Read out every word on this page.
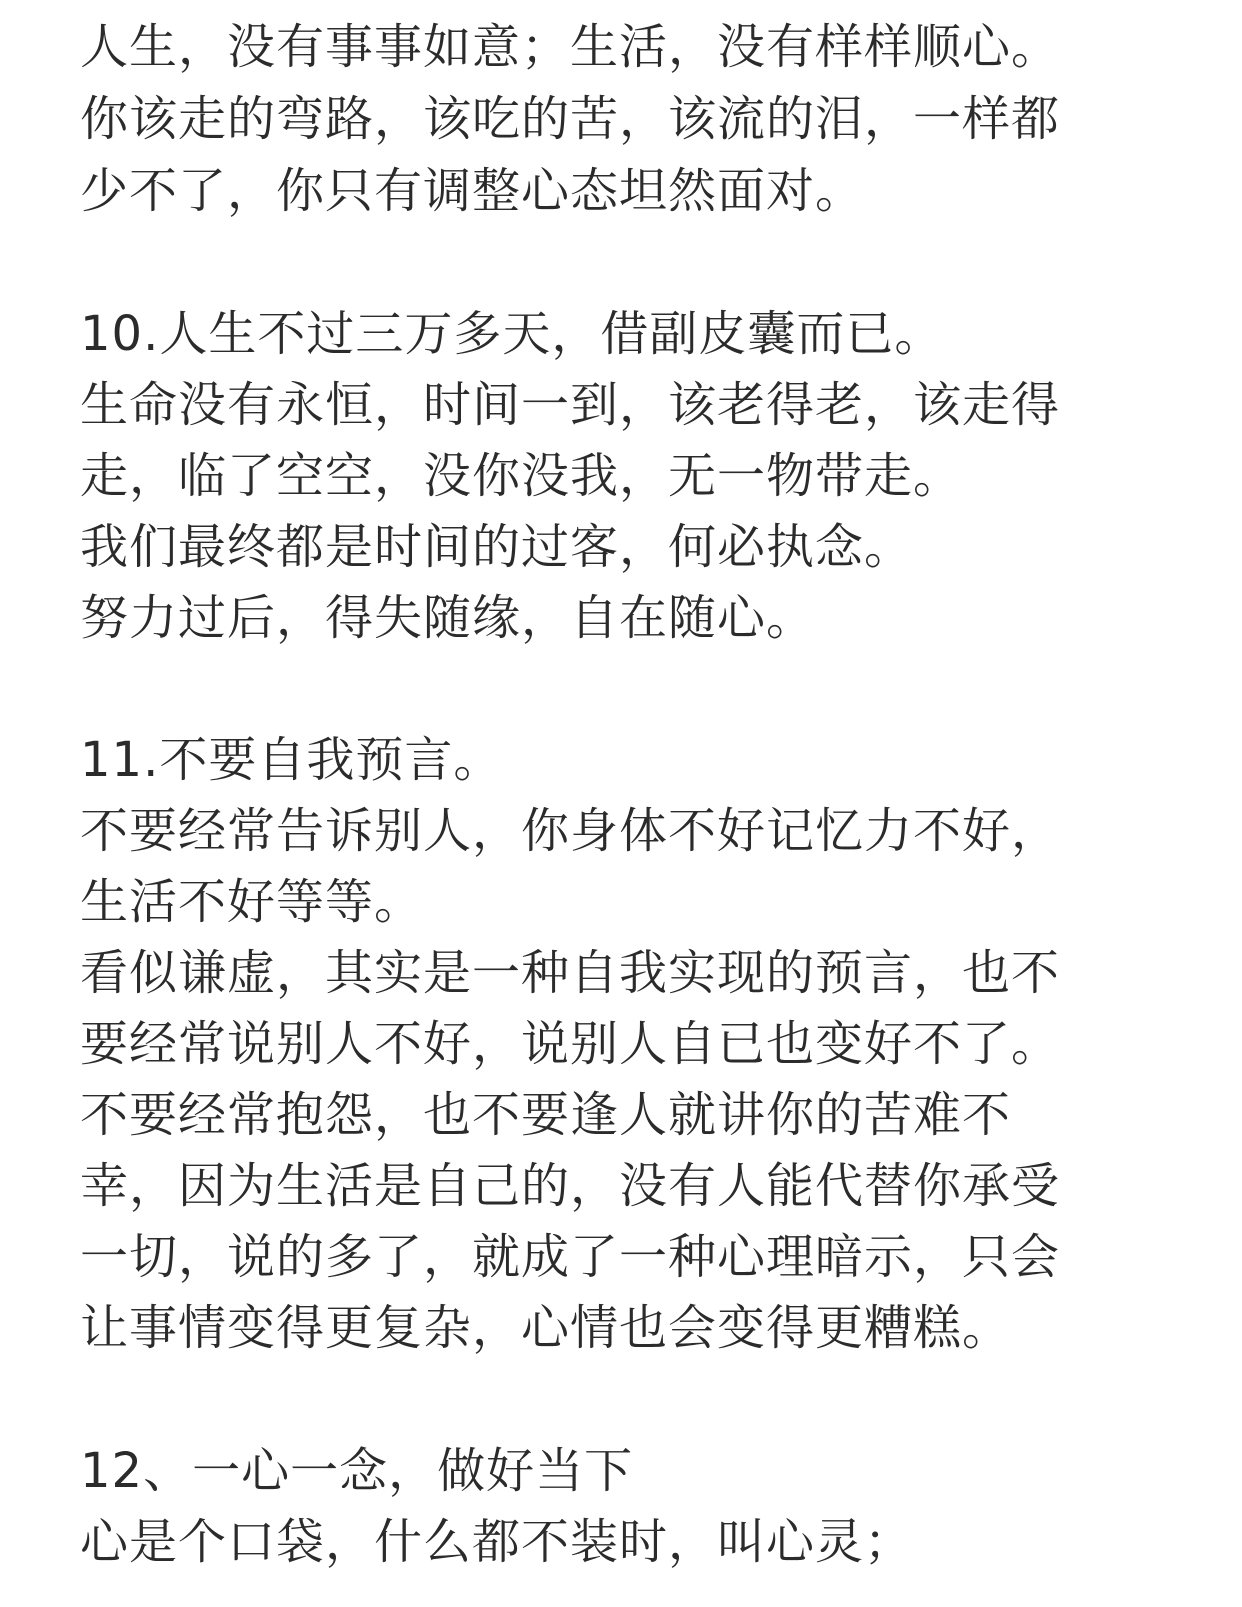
人生，没有事事如意；生活，没有样样顺心。
你该走的弯路，该吃的苦，该流的泪，一样都
少不了，你只有调整心态坦然面对。
10.人生不过三万多天，借副皮囊而已。
生命没有永恒，时间一到，该老得老，该走得
走，临了空空，没你没我，无一物带走。
我们最终都是时间的过客，何必执念。
努力过后，得失随缘，自在随心。
11.不要自我预言。
不要经常告诉别人，你身体不好记忆力不好，
生活不好等等。
看似谦虚，其实是一种自我实现的预言，也不
要经常说别人不好，说别人自已也变好不了。
不要经常抱怨，也不要逢人就讲你的苦难不
幸，因为生活是自己的，没有人能代替你承受
一切，说的多了，就成了一种心理暗示，只会
让事情变得更复杂，心情也会变得更糟糕。
12、一心一念，做好当下
心是个口袋，什么都不装时，叫心灵；
